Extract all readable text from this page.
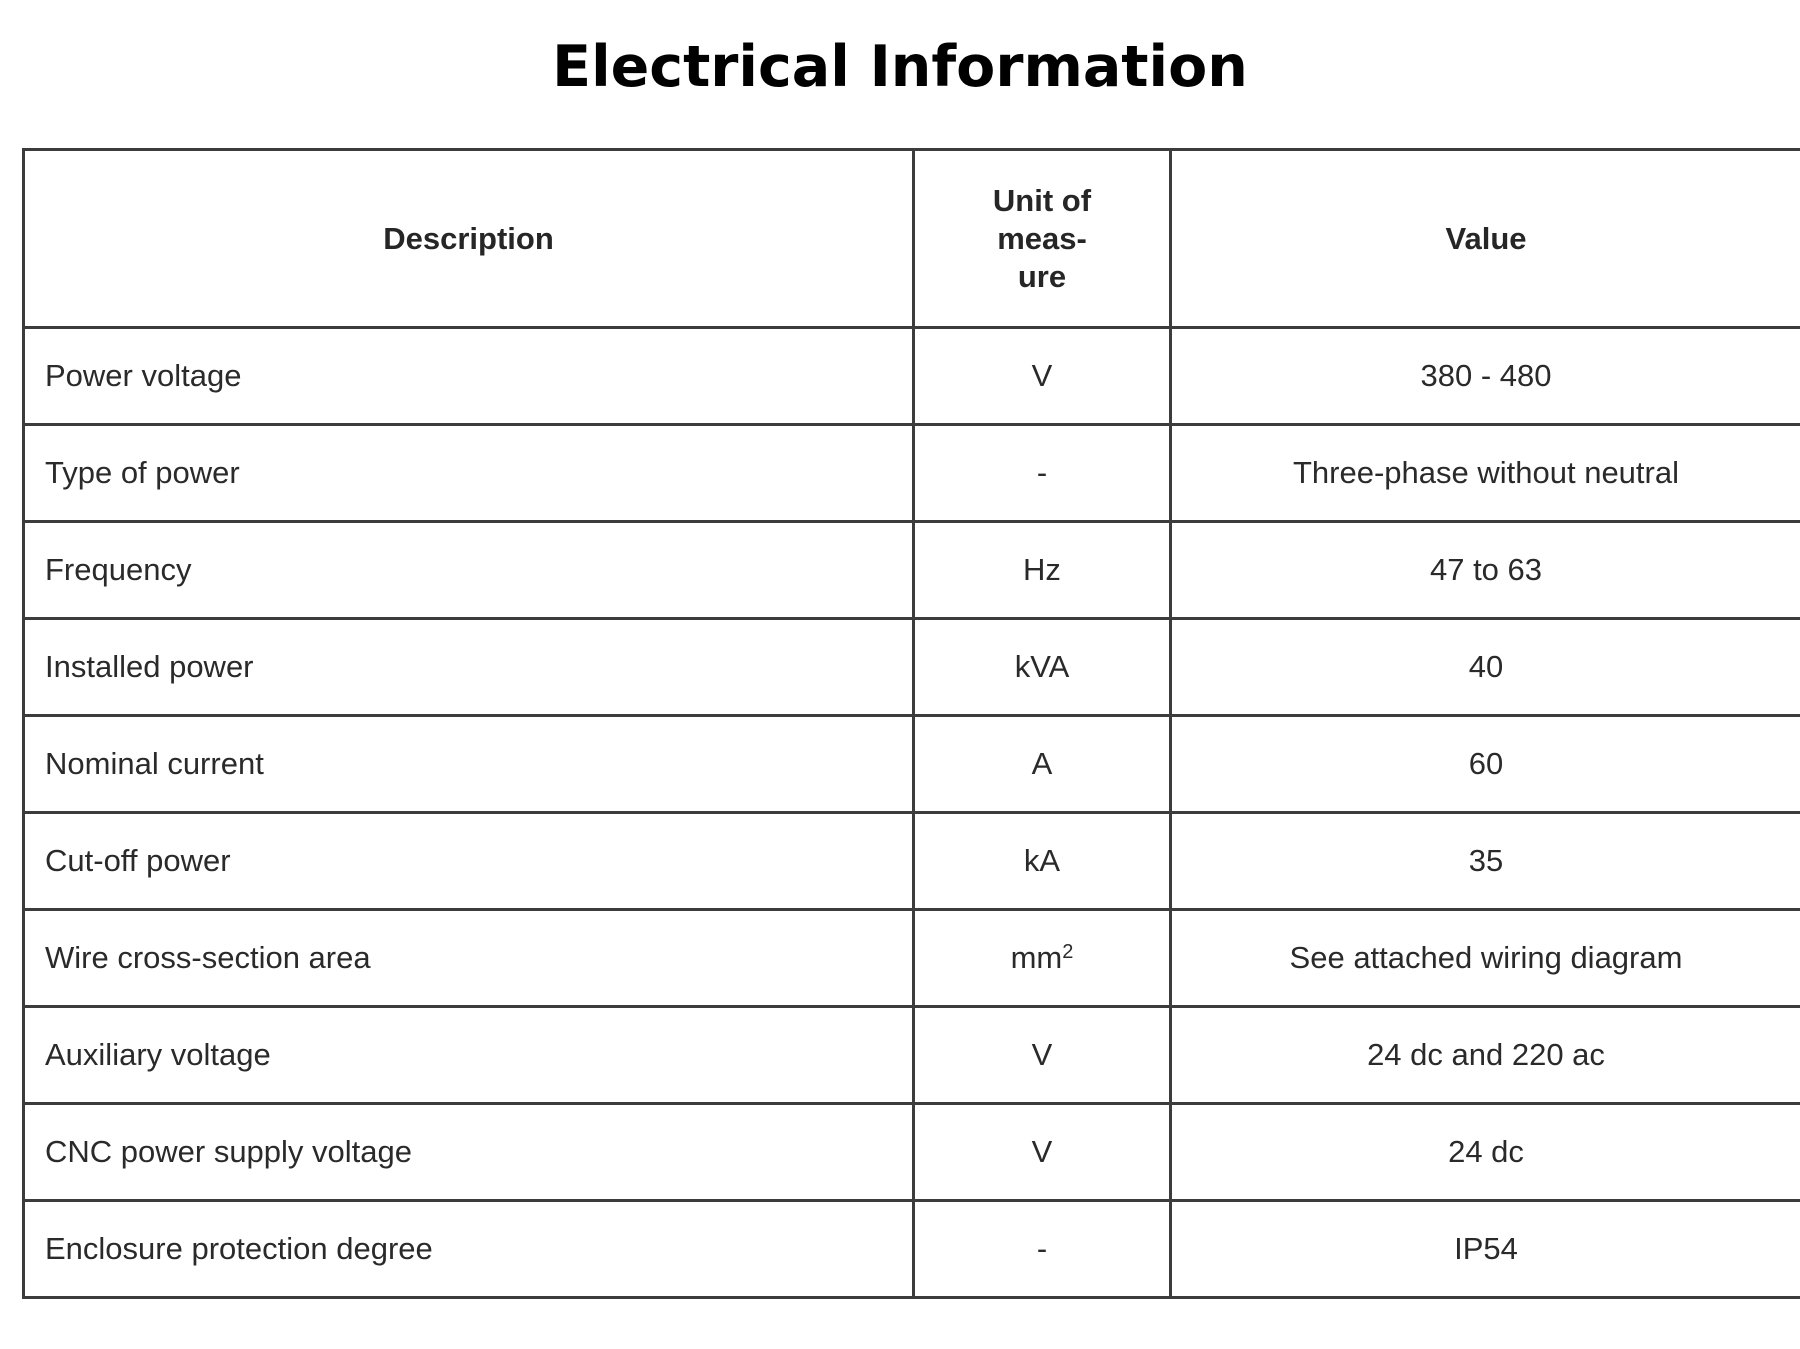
Electrical Information
Description	Unit of
meas-
ure	Value
Power voltage	V	380 - 480
Type of power	-	Three-phase without neutral
Frequency	Hz	47 to 63
Installed power	kVA	40
Nominal current	A	60
Cut-off power	kA	35
Wire cross-section area	$mm^2$	See attached wiring diagram
Auxiliary voltage	V	24 dc and 220 ac
CNC power supply voltage	V	24 dc
Enclosure protection degree	-	IP54
